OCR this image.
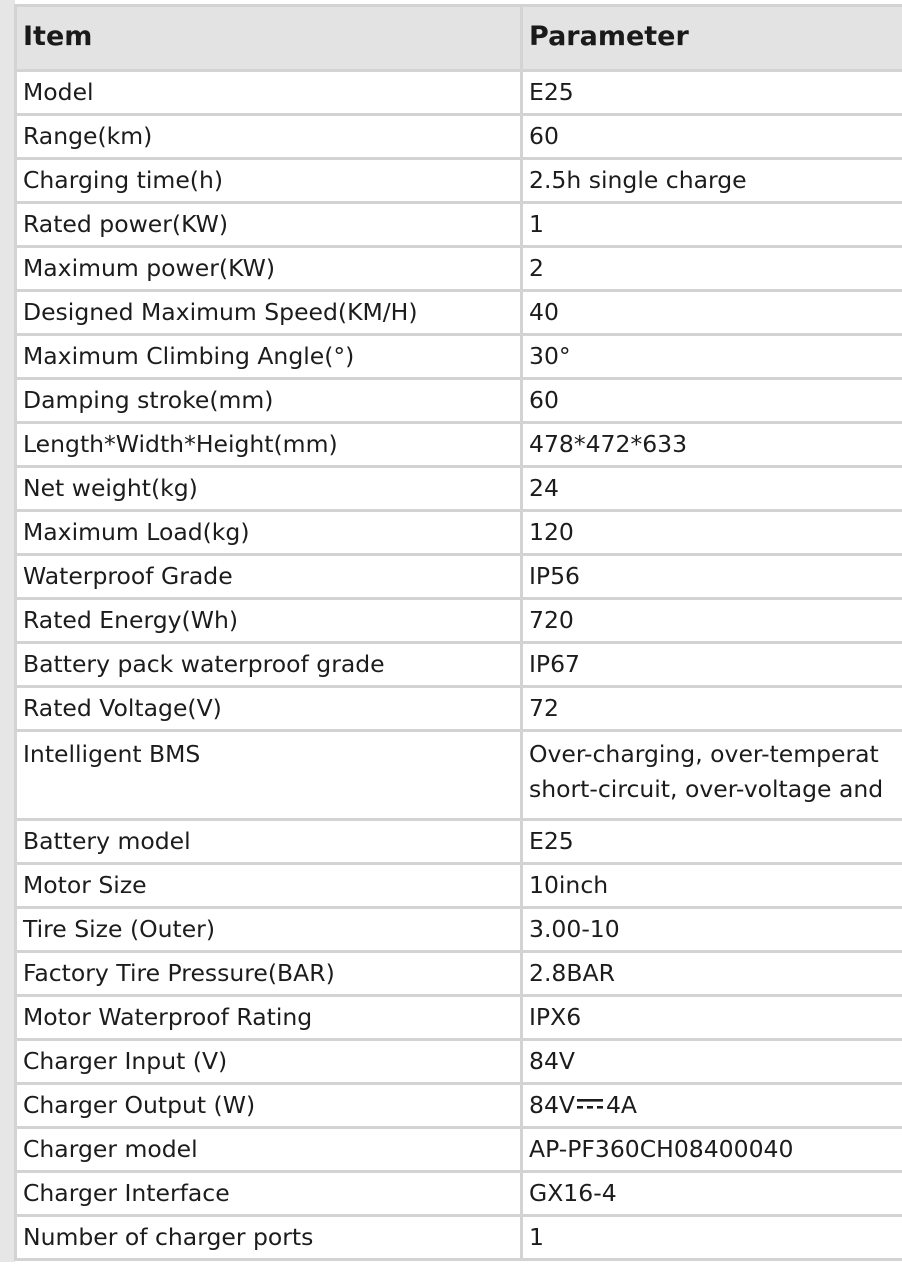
Item	Parameter
Model	E25
Range(km)	60
Charging time(h)	2.5h single charge
Rated power(KW)	1
Maximum power(KW)	2
Designed Maximum Speed(KM/H)	40
Maximum Climbing Angle(°)	30°
Damping stroke(mm)	60
Length*Width*Height(mm)	478*472*633
Net weight(kg)	24
Maximum Load(kg)	120
Waterproof Grade	IP56
Rated Energy(Wh)	720
Battery pack waterproof grade	IP67
Rated Voltage(V)	72
Intelligent BMS	Over-charging, over-temperat
short-circuit, over-voltage and
Battery model	E25
Motor Size	10inch
Tire Size (Outer)	3.00-10
Factory Tire Pressure(BAR)	2.8BAR
Motor Waterproof Rating	IPX6
Charger Input (V)	84V
Charger Output (W)	84V 4A
Charger model	AP-PF360CH08400040
Charger Interface	GX16-4
Number of charger ports	1
